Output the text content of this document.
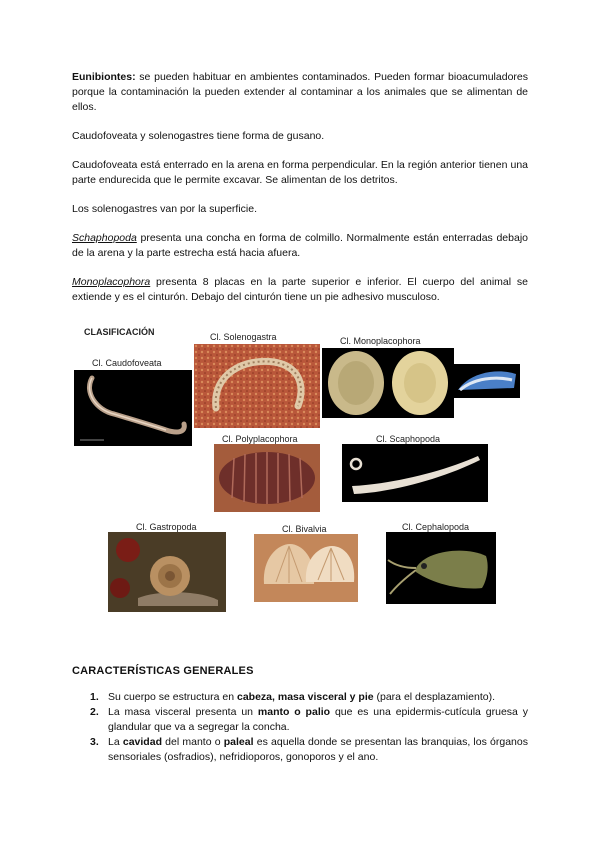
Eunibiontes: se pueden habituar en ambientes contaminados. Pueden formar bioacumuladores porque la contaminación la pueden extender al contaminar a los animales que se alimentan de ellos.

Caudofoveata y solenogastres tiene forma de gusano.

Caudofoveata está enterrado en la arena en forma perpendicular. En la región anterior tienen una parte endurecida que le permite excavar. Se alimentan de los detritos.

Los solenogastres van por la superficie.

Schaphopoda presenta una concha en forma de colmillo. Normalmente están enterradas debajo de la arena y la parte estrecha está hacia afuera.

Monoplacophora presenta 8 placas en la parte superior e inferior. El cuerpo del animal se extiende y es el cinturón. Debajo del cinturón tiene un pie adhesivo musculoso.

CLASIFICACIÓN
Cl. Caudofoveata
Cl. Solenogastra	Cl. Monoplacophora
Cl. Polyplacophora	Cl. Scaphopoda
Cl. Gastropoda	Cl. Bivalvia	Cl. Cephalopoda
CARACTERÍSTICAS GENERALES
1. Su cuerpo se estructura en cabeza, masa visceral y pie (para el desplazamiento).
2. La masa visceral presenta un manto o palio que es una epidermis-cutícula gruesa y glandular que va a segregar la concha.
3. La cavidad del manto o paleal es aquella donde se presentan las branquias, los órganos sensoriales (osfradios), nefridioporos, gonoporos y el ano.
